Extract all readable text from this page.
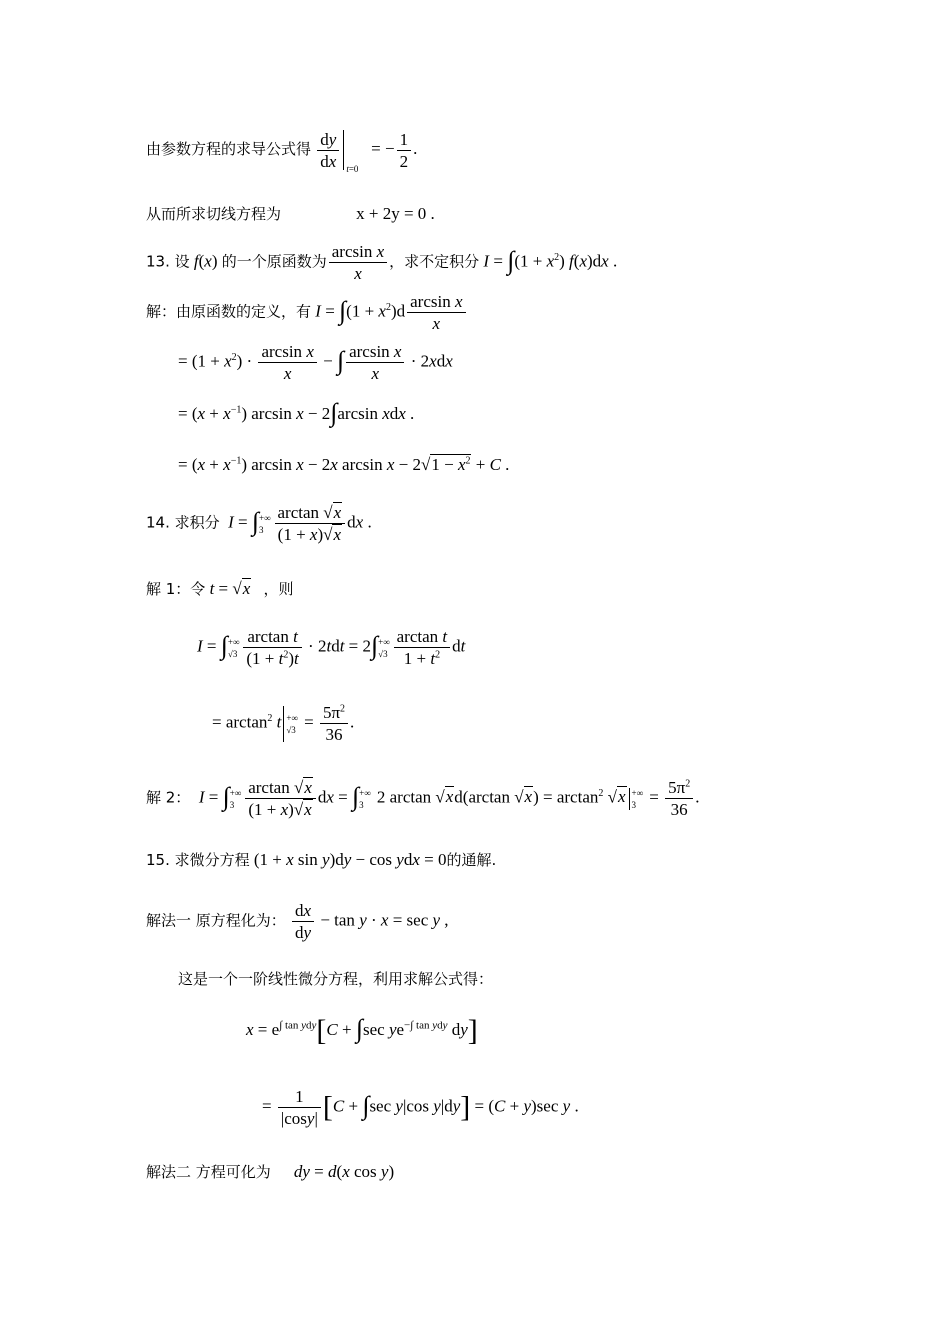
由参数方程的求导公式得 $\frac{dy}{dx} _{t=0}$   = − $\frac{1}{2}$ .
从而所求切线方程为	x + 2y = 0 .
13. 设 f(x) 的一个原函数为 $\frac{\text{arcsin x}}{x}$ ，求不定积分 $I = \int(1 + x^2)$ f(x)dx .
解：由原函数的定义，有 $I = \int(1 + x^2)d \frac{\text{arcsin x}}{x}$
= $(1 + x^2) \cdot \frac{\text{arcsin x}}{x}$ − ∫ $\frac{\text{arcsin x}}{x} \cdot 2xdx$
= $(x + x^{-1})$ arcsin x − 2∫arcsin xdx .
= $(x + x^{-1})$ arcsin x − 2x $\arcsin x - 2√1 - x^2 + C$ .
14. 求积分 I = ∫ +∞
$3 \frac{\arctan √x}{(1 + x)√x}$ dx .
解 1：令 t = √x ，则
I = ∫ +∞
$√3 \frac{\text{arctan t}}{(1 + t^2)t} \cdot 2tdt = 2\int$ +∞
$√3 \frac{\text{arctan t}}{1 + t^2}$ dt
= $\arctan^2 t$ +∞
$√3 = \frac{5\pi^2}{36}$ .
解 2： I = ∫ +∞
$3 \frac{\arctan √x}{(1 + x)√x}$ dx = ∫ +∞
3 2 arctan √xd(arctan $√x) = \arctan^2 √x$ +∞
$3 = \frac{5\pi^2}{36}$ .
15. 求微分方程 (1 + x sin y)dy − cos ydx = 0的通解.
解法一 原方程化为： $\frac{dx}{dy} - \tan y \cdot x = \sec y$ ,
这是一个一阶线性微分方程，利用求解公式得：
$x = e^{\int tan ydy}[C + \int\sec$ $ye^{-\int tan ydy}$ dy]
= $\frac{1}{|\cos y|} [C + \int\sec$ y|cos y|dy] = (C + y)sec y .
解法二 方程可化为 dy = d(x cos y)
